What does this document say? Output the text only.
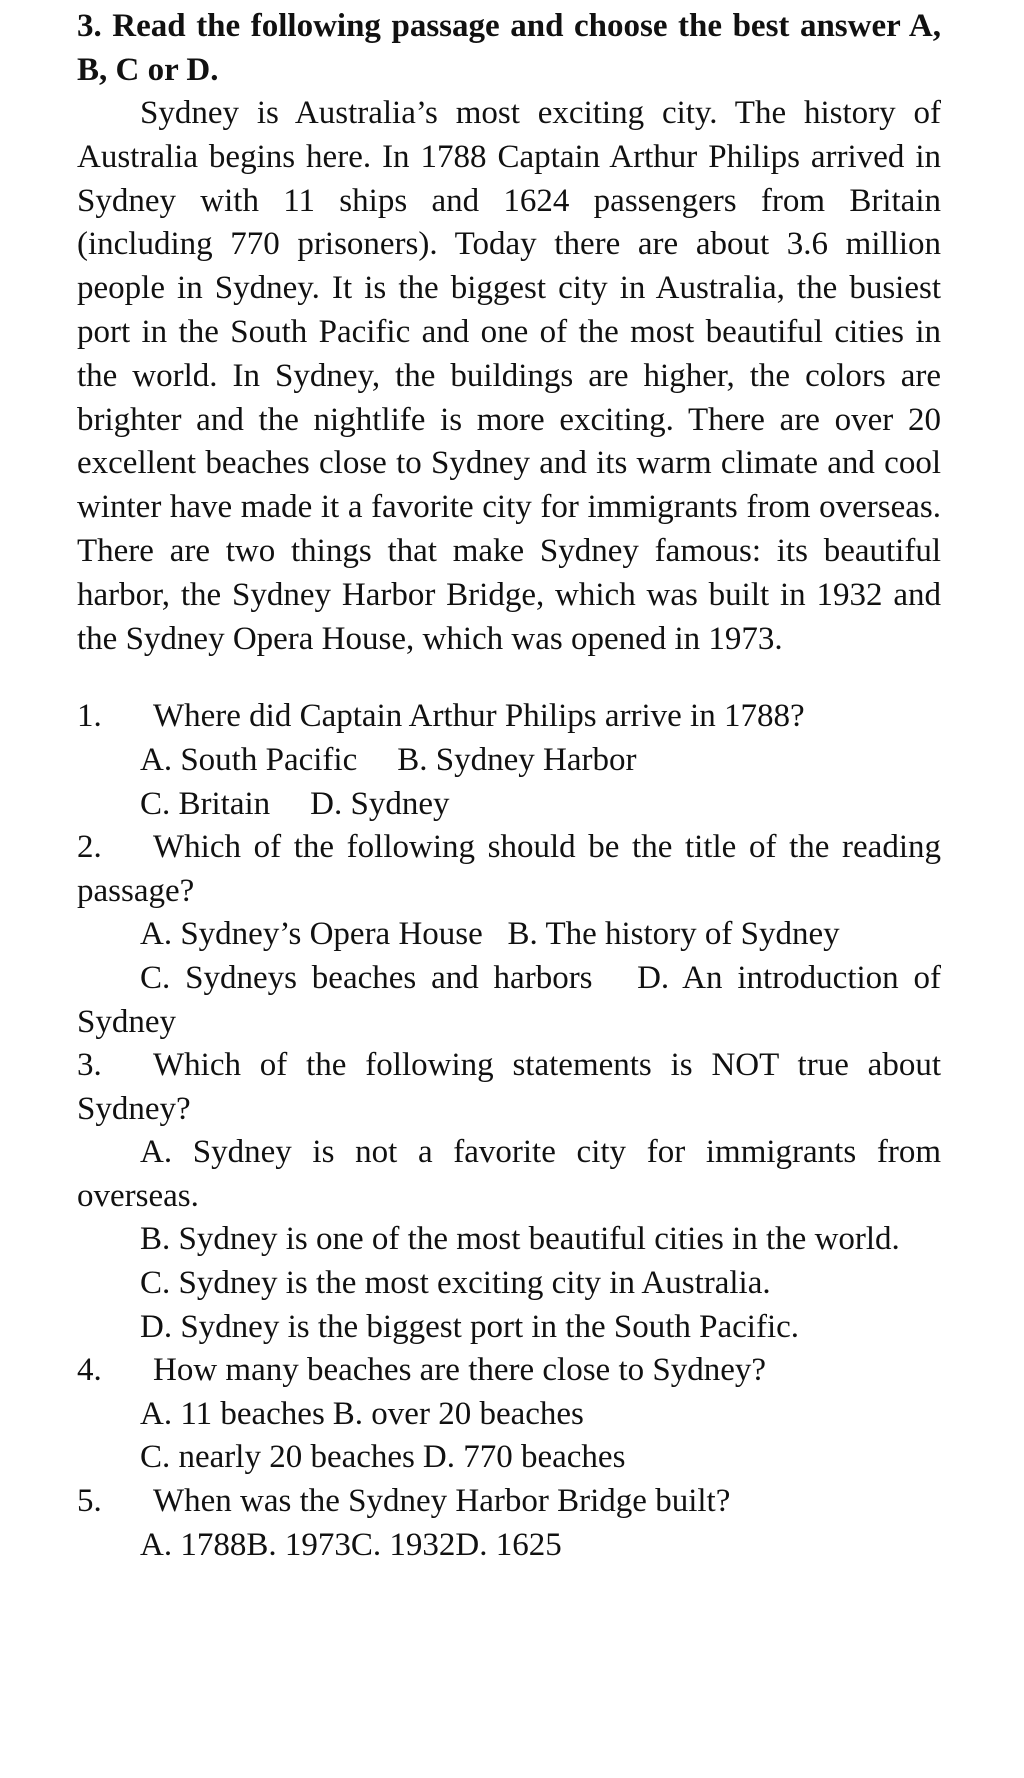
3. Read the following passage and choose the best answer A, B, C or D.

Sydney is Australia’s most exciting city. The history of Australia begins here. In 1788 Captain Arthur Philips arrived in Sydney with 11 ships and 1624 passengers from Britain (including 770 prisoners). Today there are about 3.6 million people in Sydney. It is the biggest city in Australia, the busiest port in the South Pacific and one of the most beautiful cities in the world. In Sydney, the buildings are higher, the colors are brighter and the nightlife is more exciting. There are over 20 excellent beaches close to Sydney and its warm climate and cool winter have made it a favorite city for immigrants from overseas. There are two things that make Sydney famous: its beautiful harbor, the Sydney Harbor Bridge, which was built in 1932 and the Sydney Opera House, which was opened in 1973.

1.	Where did Captain Arthur Philips arrive in 1788?
A. South Pacific B. Sydney Harbor
C. Britain D. Sydney

2. Which of the following should be the title of the reading passage?

A. Sydney’s Opera House B. The history of Sydney

C. Sydneys beaches and harbors D. An introduction of Sydney

3. Which of the following statements is NOT true about Sydney?

A. Sydney is not a favorite city for immigrants from overseas.

B. Sydney is one of the most beautiful cities in the world.

C. Sydney is the most exciting city in Australia.

D. Sydney is the biggest port in the South Pacific.

4.	How many beaches are there close to Sydney?
A. 11 beaches B. over 20 beaches
C. nearly 20 beaches D. 770 beaches
5.	When was the Sydney Harbor Bridge built?
A. 1788B. 1973C. 1932D. 1625
